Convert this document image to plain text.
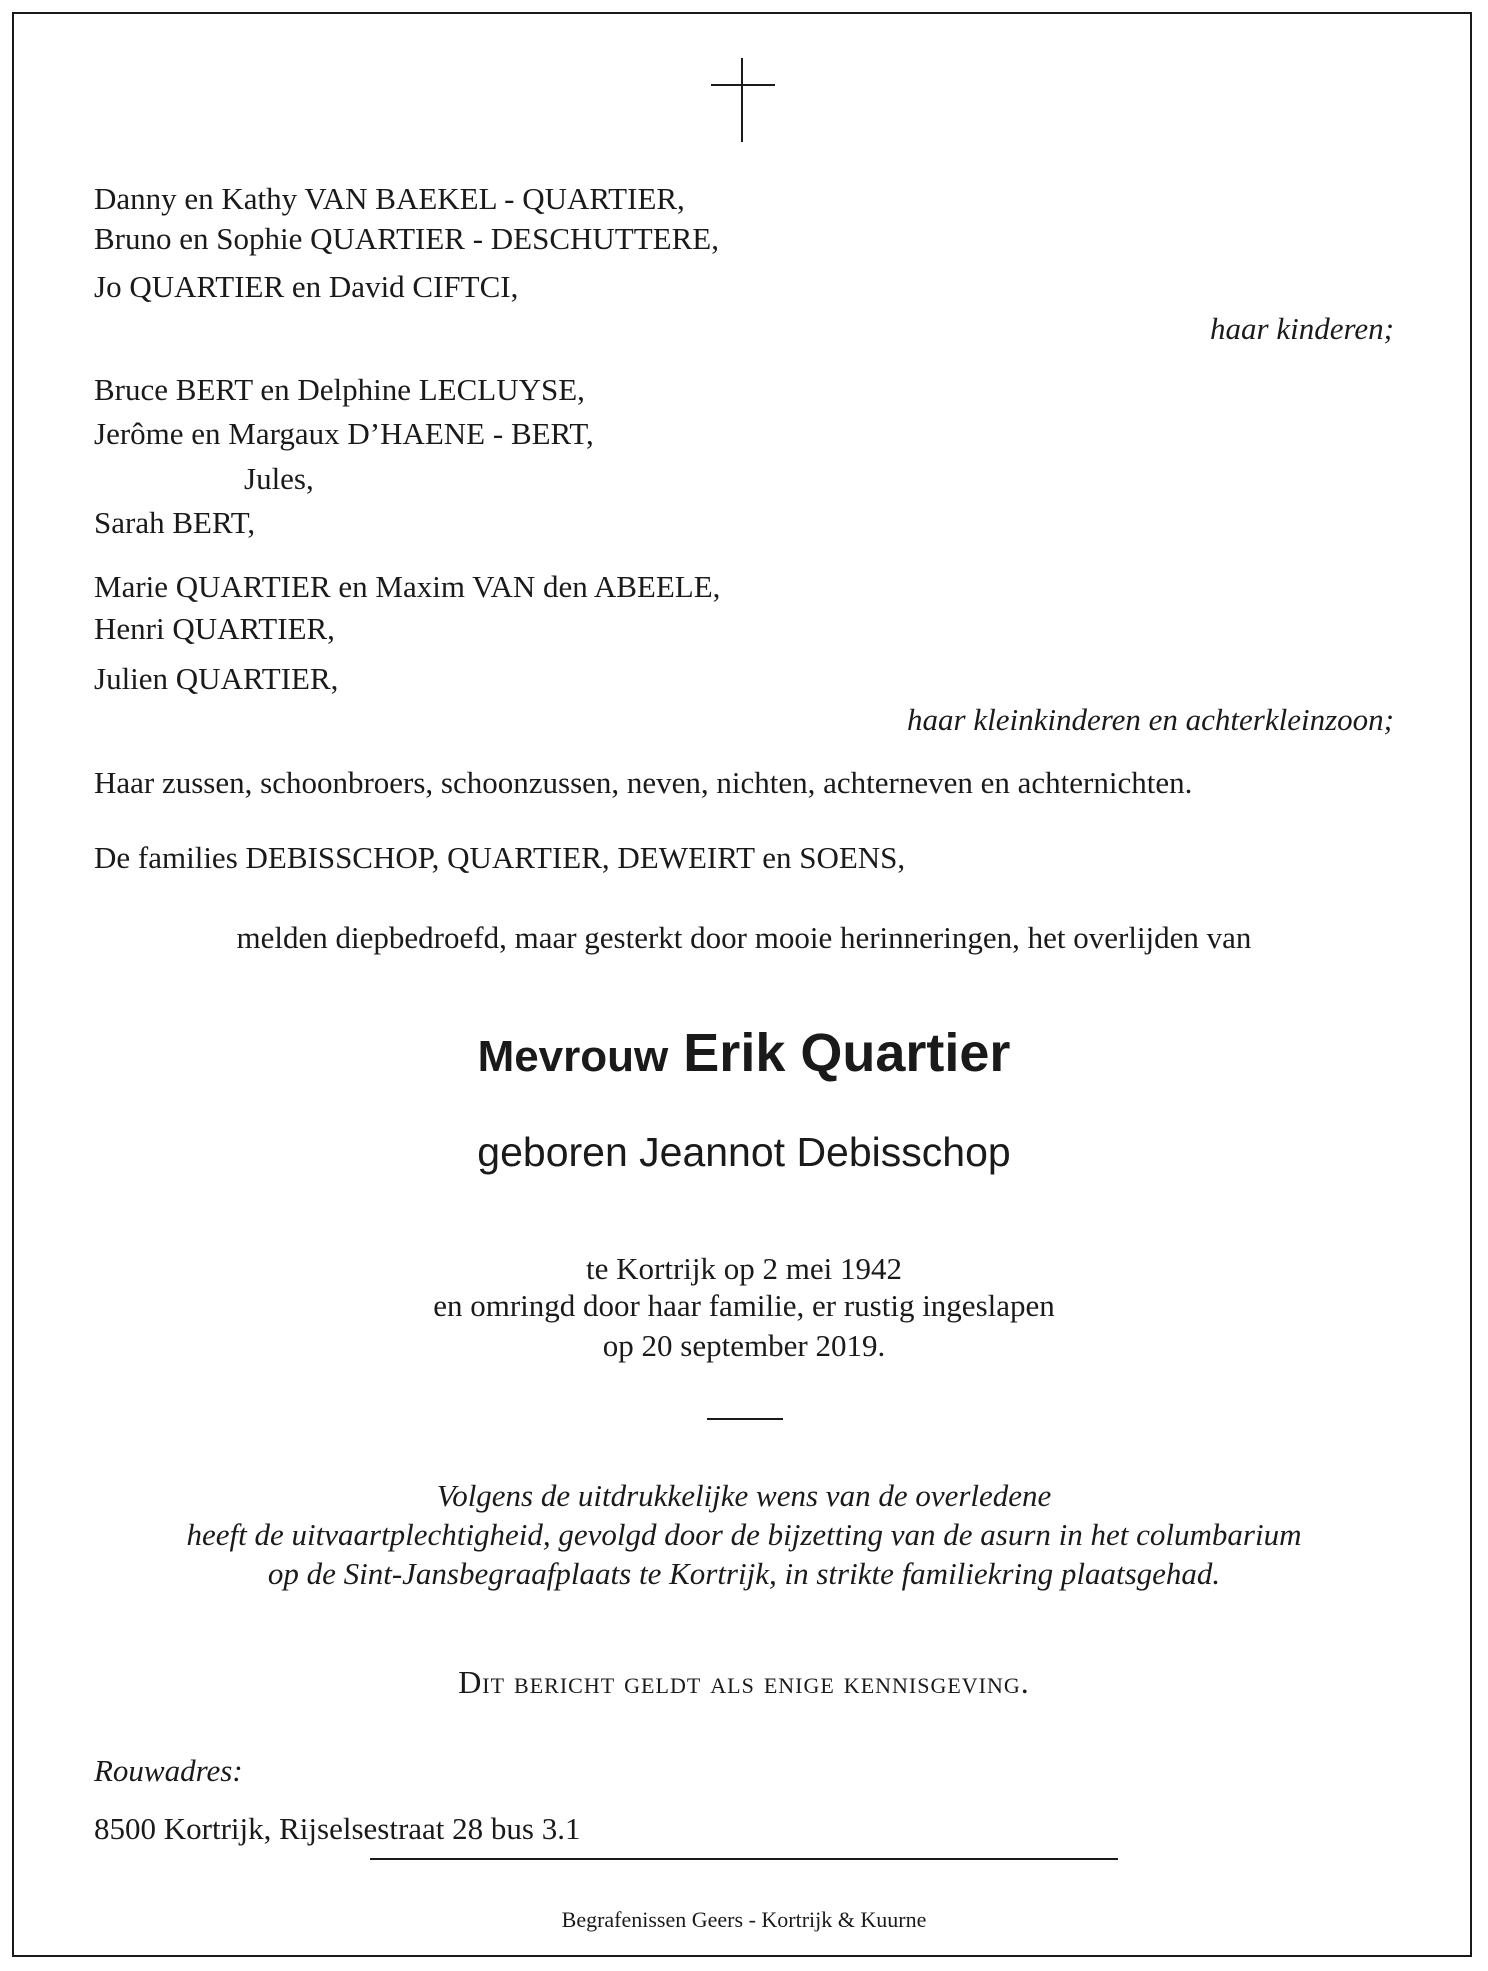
Danny en Kathy VAN BAEKEL - QUARTIER,
Bruno en Sophie QUARTIER - DESCHUTTERE,
Jo QUARTIER en David CIFTCI,
haar kinderen;
Bruce BERT en Delphine LECLUYSE,
Jerôme en Margaux D’HAENE - BERT,
Jules,
Sarah BERT,
Marie QUARTIER en Maxim VAN den ABEELE,
Henri QUARTIER,
Julien QUARTIER,
haar kleinkinderen en achterkleinzoon;
Haar zussen, schoonbroers, schoonzussen, neven, nichten, achterneven en achternichten.
De families DEBISSCHOP, QUARTIER, DEWEIRT en SOENS,
melden diepbedroefd, maar gesterkt door mooie herinneringen, het overlijden van
Mevrouw Erik Quartier
geboren Jeannot Debisschop
te Kortrijk op 2 mei 1942
en omringd door haar familie, er rustig ingeslapen
op 20 september 2019.
Volgens de uitdrukkelijke wens van de overledene
heeft de uitvaartplechtigheid, gevolgd door de bijzetting van de asurn in het columbarium
op de Sint-Jansbegraafplaats te Kortrijk, in strikte familiekring plaatsgehad.
Dit bericht geldt als enige kennisgeving.
Rouwadres:
8500 Kortrijk, Rijselsestraat 28 bus 3.1
Begrafenissen Geers - Kortrijk & Kuurne
